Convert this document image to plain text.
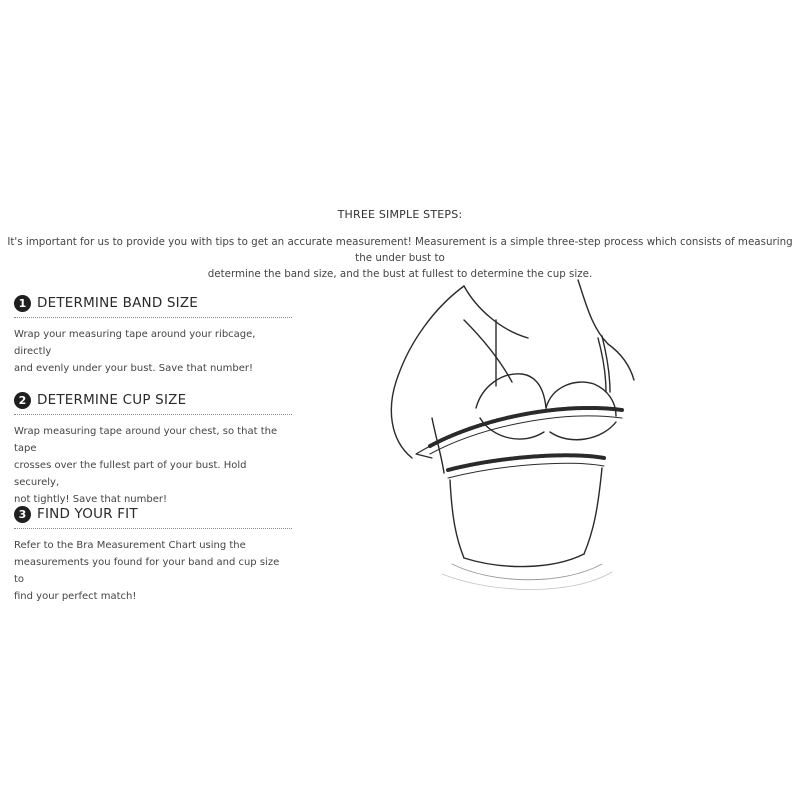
THREE SIMPLE STEPS:
It's important for us to provide you with tips to get an accurate measurement! Measurement is a simple three-step process which consists of measuring the under bust to
determine the band size, and the bust at fullest to determine the cup size.
1 DETERMINE BAND SIZE
Wrap your measuring tape around your ribcage, directly
and evenly under your bust. Save that number!
2 DETERMINE CUP SIZE
Wrap measuring tape around your chest, so that the tape
crosses over the fullest part of your bust. Hold securely,
not tightly! Save that number!
3 FIND YOUR FIT
Refer to the Bra Measurement Chart using the
measurements you found for your band and cup size to
find your perfect match!
